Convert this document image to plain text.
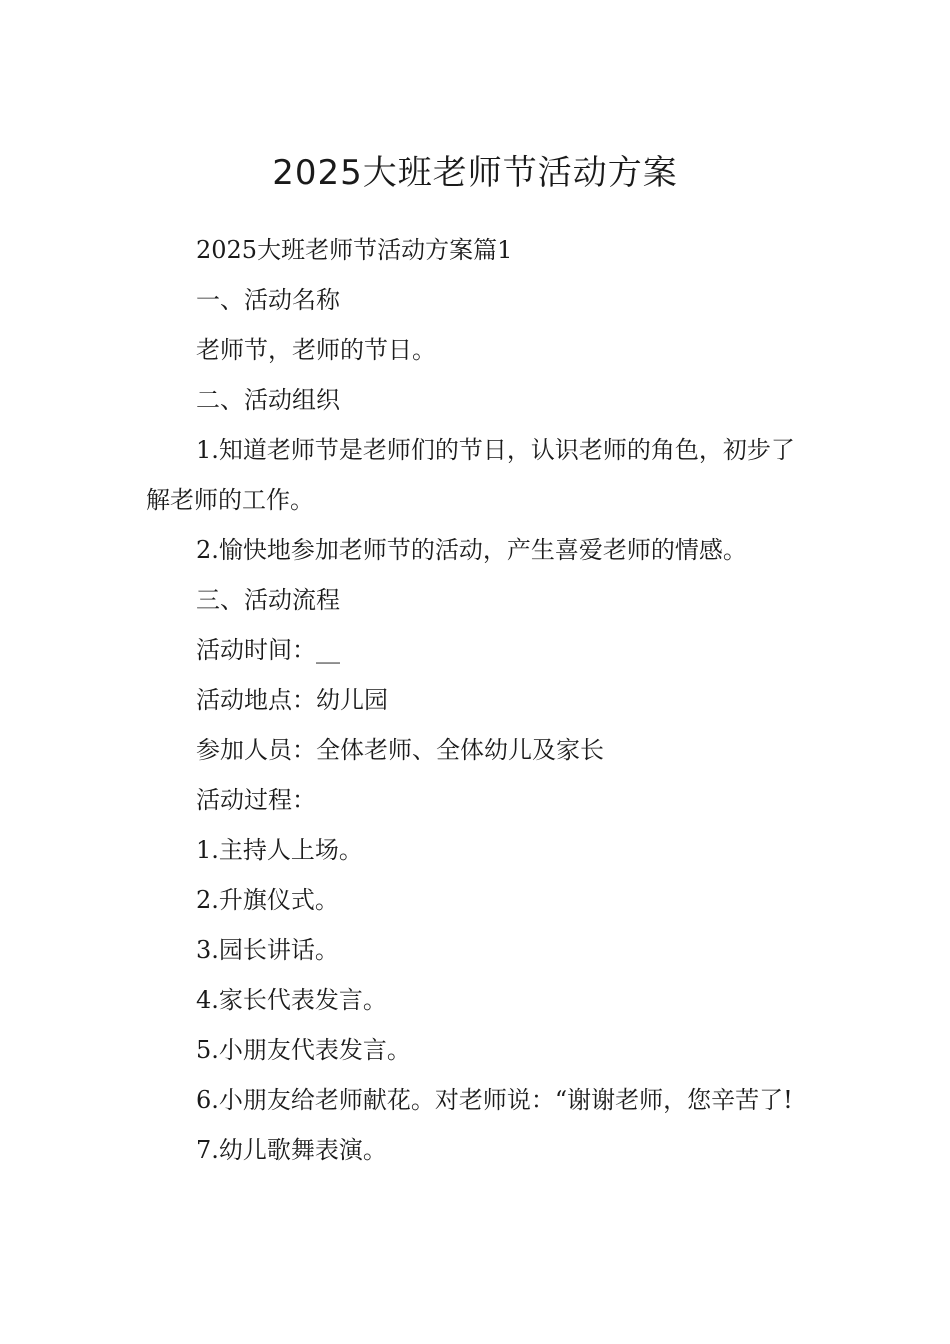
2025大班老师节活动方案

2025大班老师节活动方案篇1

一、活动名称

老师节，老师的节日。

二、活动组织

1.知道老师节是老师们的节日，认识老师的角色，初步了解老师的工作。

2.愉快地参加老师节的活动，产生喜爱老师的情感。

三、活动流程

活动时间：__

活动地点：幼儿园

参加人员：全体老师、全体幼儿及家长

活动过程：

1.主持人上场。

2.升旗仪式。

3.园长讲话。

4.家长代表发言。

5.小朋友代表发言。

6.小朋友给老师献花。对老师说：“谢谢老师，您辛苦了!

7.幼儿歌舞表演。
